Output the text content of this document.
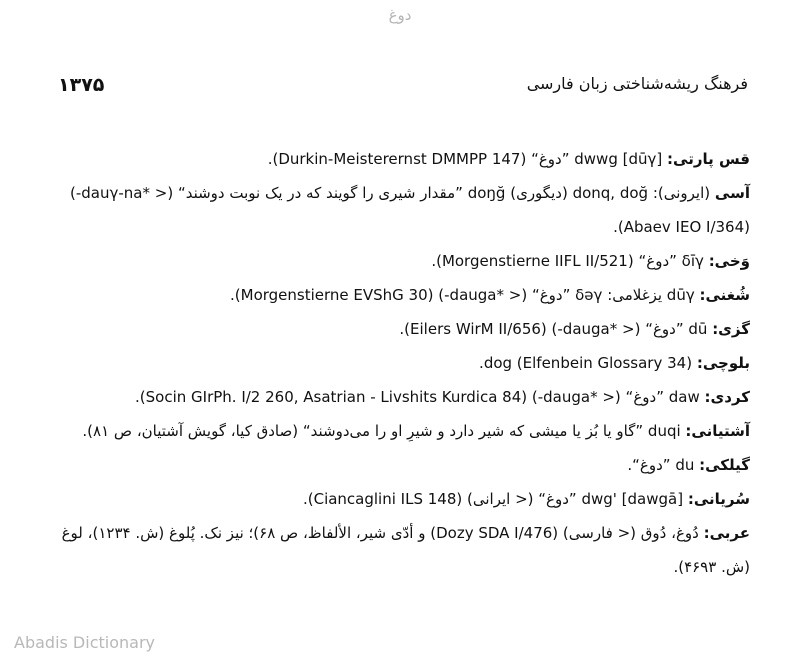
دوغ
۱۳۷۵	فرهنگ ریشه‌شناختی زبان فارسی

قس پارتی: [dūγ] dwwg ”دوغ“ (Durkin-Meisterernst DMMPP 147).

آسی (ایرونی): donq, doğ (دیگوری) doŋğ ”مقدار شیری را گویند که در یک نوبت دوشند“ (< *dauγ-na-) (Abaev IEO I/364).

وَخی: δīγ ”دوغ“ (Morgenstierne IIFL II/521).

شُغنی: dūγ یزغلامی: δəγ ”دوغ“ (< *dauga-) (Morgenstierne EVShG 30).

گزی: dū ”دوغ“ (< *dauga-) (Eilers WirM II/656).

بلوچی: dog (Elfenbein Glossary 34).

کردی: daw ”دوغ“ (< *dauga-) (Socin GIrPh. I/2 260, Asatrian - Livshits Kurdica 84).

آشتیانی: duqi ”گاو یا بُز یا میشی که شیر دارد و شیرِ او را می‌دوشند“ (صادق کیا، گویش آشتیان، ص ۸۱).

گیلکی: du ”دوغ“.

سُریانی: dwg' [dawgā] ”دوغ“ (< ایرانی) (Ciancaglini ILS 148).

عربی: دُوغ، دُوق (< فارسی) (Dozy SDA I/476) و أدّی شیر، الألفاظ، ص ۶۸)؛ نیز نک. پُلوغ (ش. ۱۲۳۴)، لوغ (ش. ۴۶۹۳).

Abadis Dictionary
